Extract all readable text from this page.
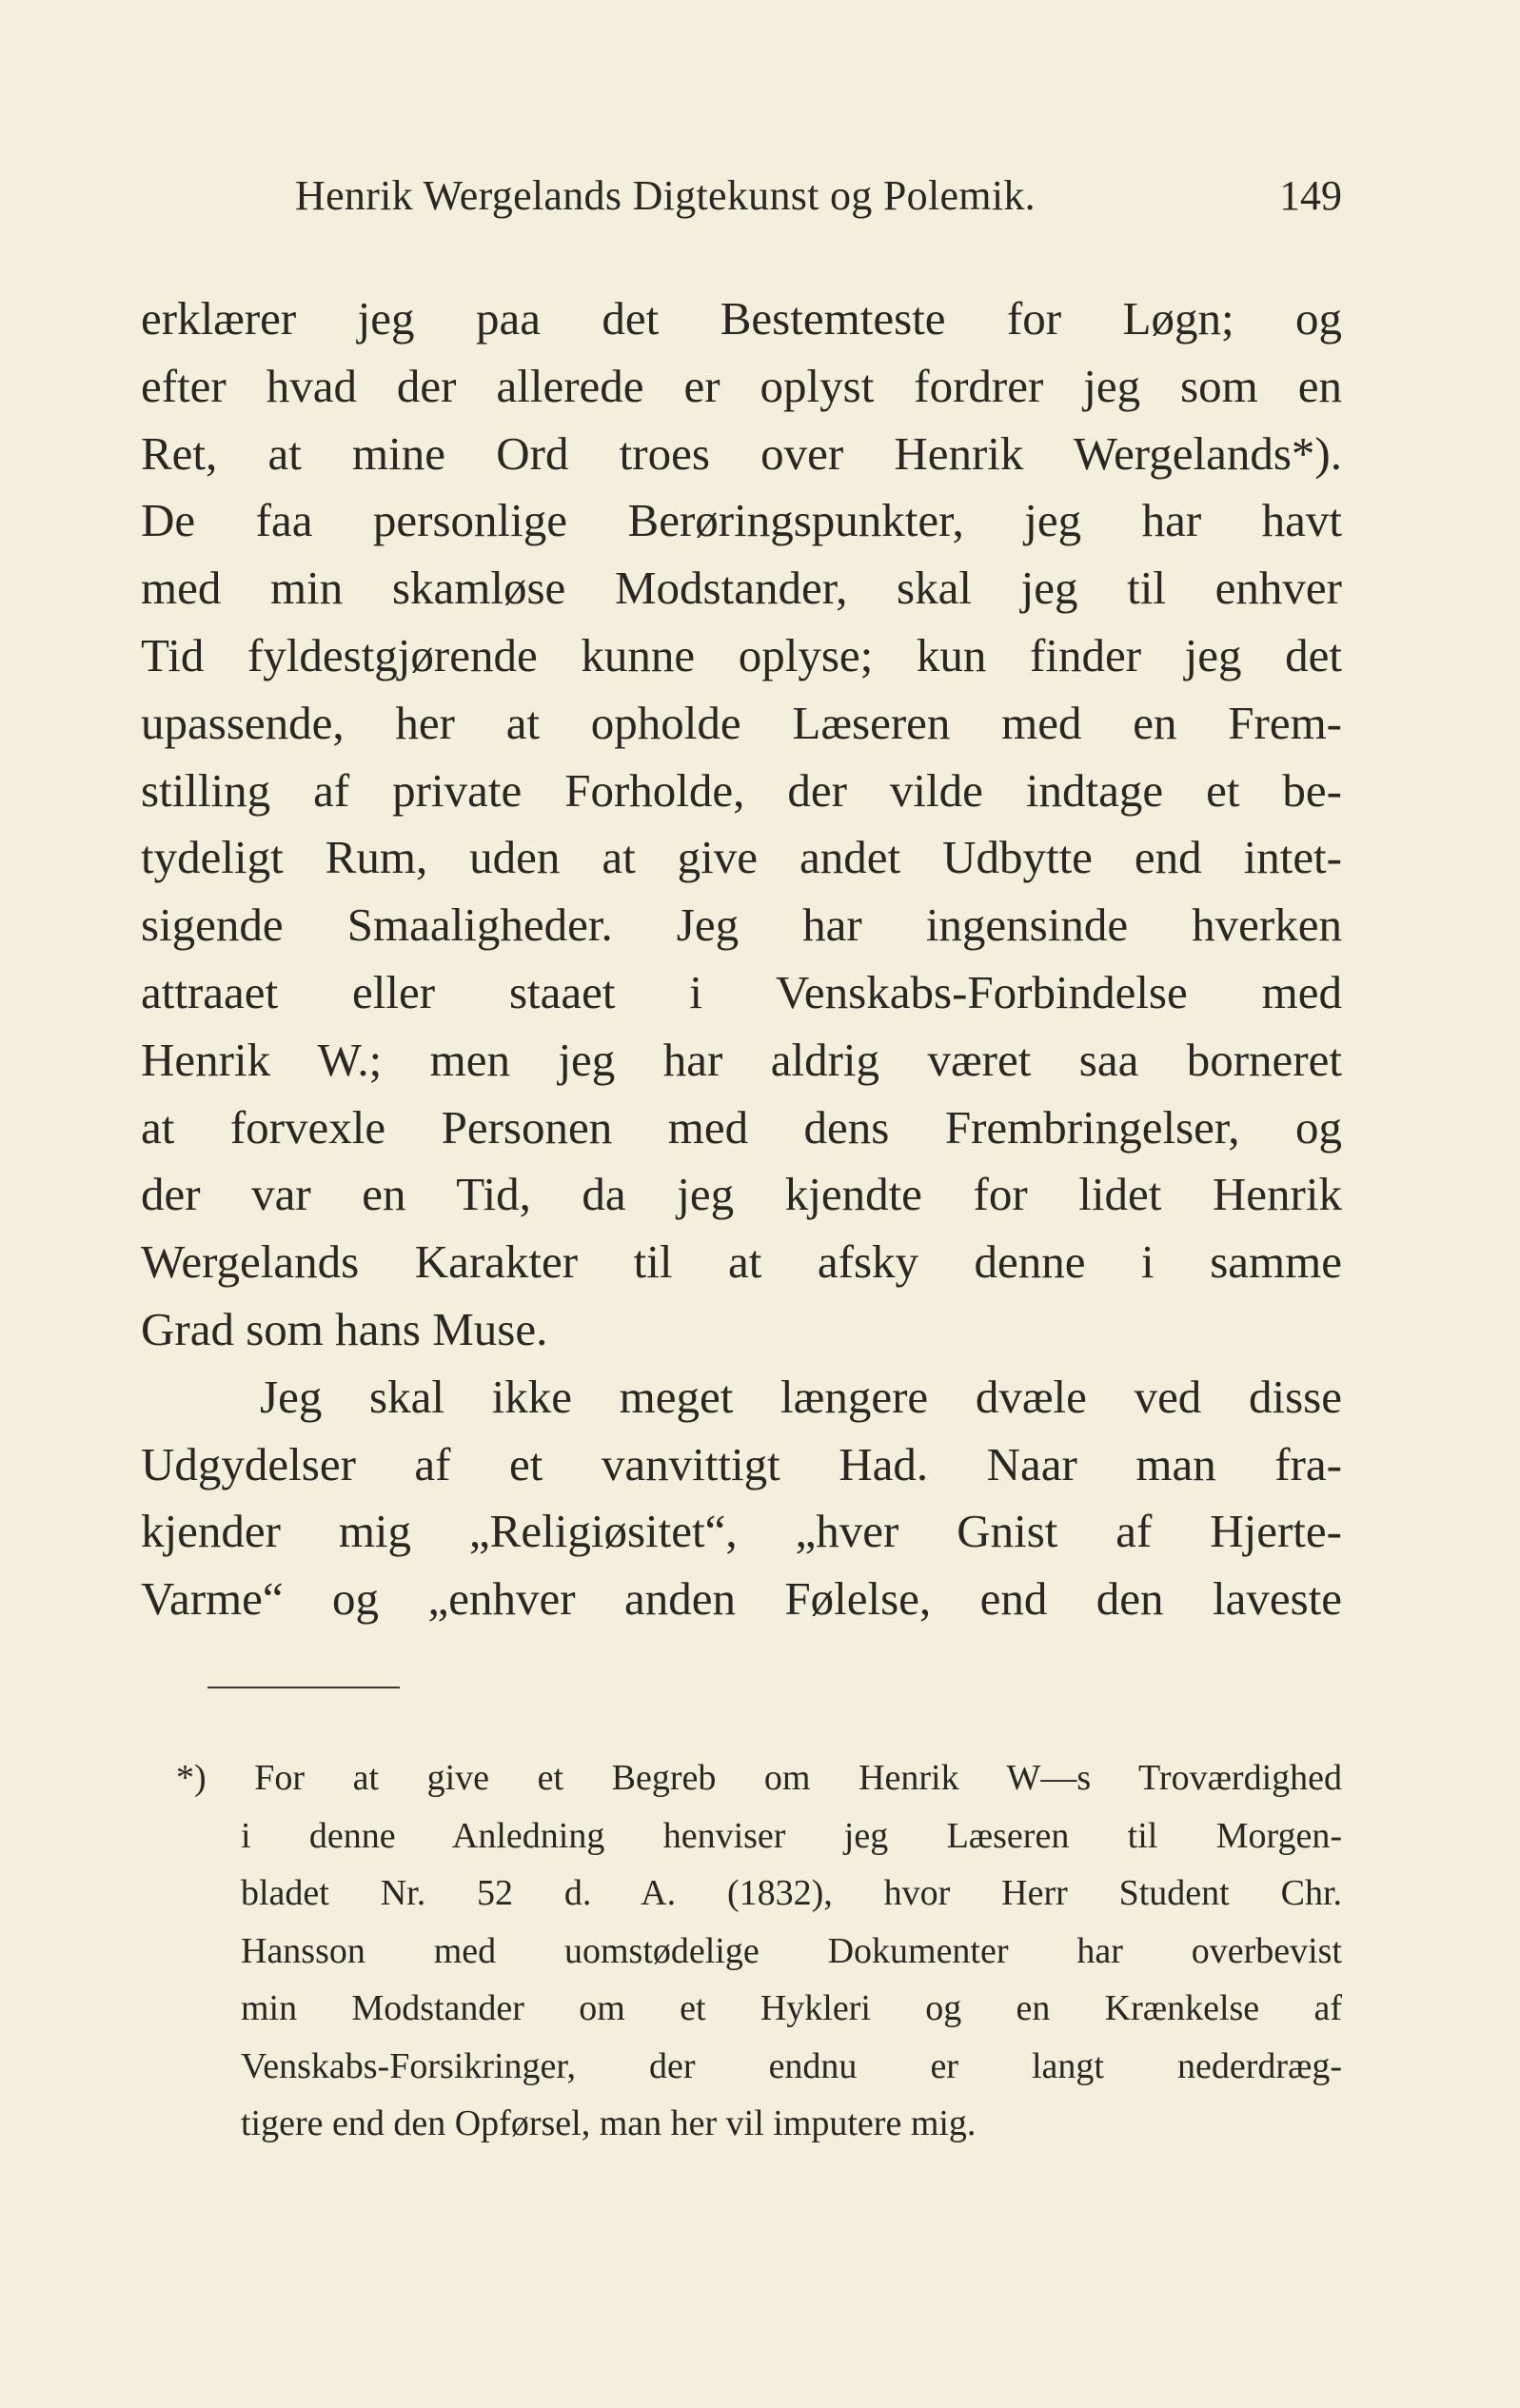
Henrik Wergelands Digtekunst og Polemik.	149
erklærer jeg paa det Bestemteste for Løgn; og
efter hvad der allerede er oplyst fordrer jeg som en
Ret, at mine Ord troes over Henrik Wergelands*).
De faa personlige Berøringspunkter, jeg har havt
med min skamløse Modstander, skal jeg til enhver
Tid fyldestgjørende kunne oplyse; kun finder jeg det
upassende, her at opholde Læseren med en Frem-
stilling af private Forholde, der vilde indtage et be-
tydeligt Rum, uden at give andet Udbytte end intet-
sigende Smaaligheder. Jeg har ingensinde hverken
attraaet eller staaet i Venskabs-Forbindelse med
Henrik W.; men jeg har aldrig været saa borneret
at forvexle Personen med dens Frembringelser, og
der var en Tid, da jeg kjendte for lidet Henrik
Wergelands Karakter til at afsky denne i samme
Grad som hans Muse.
Jeg skal ikke meget længere dvæle ved disse
Udgydelser af et vanvittigt Had. Naar man fra-
kjender mig „Religiøsitet“, „hver Gnist af Hjerte-
Varme“ og „enhver anden Følelse, end den laveste
*) For at give et Begreb om Henrik W—s Troværdighed
i denne Anledning henviser jeg Læseren til Morgen-
bladet Nr. 52 d. A. (1832), hvor Herr Student Chr.
Hansson med uomstødelige Dokumenter har overbevist
min Modstander om et Hykleri og en Krænkelse af
Venskabs-Forsikringer, der endnu er langt nederdræg-
tigere end den Opførsel, man her vil imputere mig.
